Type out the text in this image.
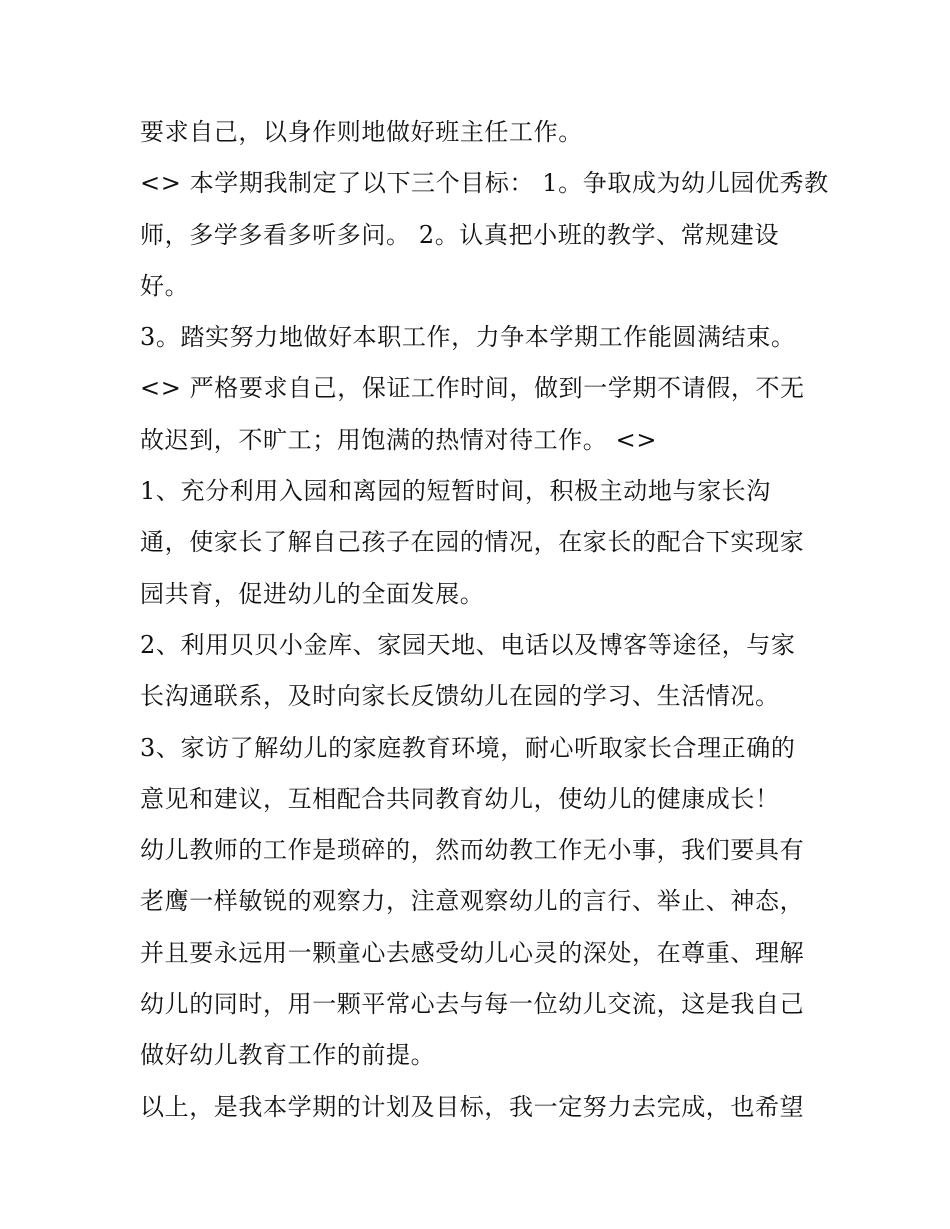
要求自己，以身作则地做好班主任工作。
<> 本学期我制定了以下三个目标： 1。争取成为幼儿园优秀教
师，多学多看多听多问。 2。认真把小班的教学、常规建设
好。
3。踏实努力地做好本职工作，力争本学期工作能圆满结束。
<> 严格要求自己，保证工作时间，做到一学期不请假，不无
故迟到，不旷工；用饱满的热情对待工作。 <>
1、充分利用入园和离园的短暂时间，积极主动地与家长沟
通，使家长了解自己孩子在园的情况，在家长的配合下实现家
园共育，促进幼儿的全面发展。
2、利用贝贝小金库、家园天地、电话以及博客等途径，与家
长沟通联系，及时向家长反馈幼儿在园的学习、生活情况。
3、家访了解幼儿的家庭教育环境，耐心听取家长合理正确的
意见和建议，互相配合共同教育幼儿，使幼儿的健康成长！
幼儿教师的工作是琐碎的，然而幼教工作无小事，我们要具有
老鹰一样敏锐的观察力，注意观察幼儿的言行、举止、神态，
并且要永远用一颗童心去感受幼儿心灵的深处，在尊重、理解
幼儿的同时，用一颗平常心去与每一位幼儿交流，这是我自己
做好幼儿教育工作的前提。
以上，是我本学期的计划及目标，我一定努力去完成，也希望
